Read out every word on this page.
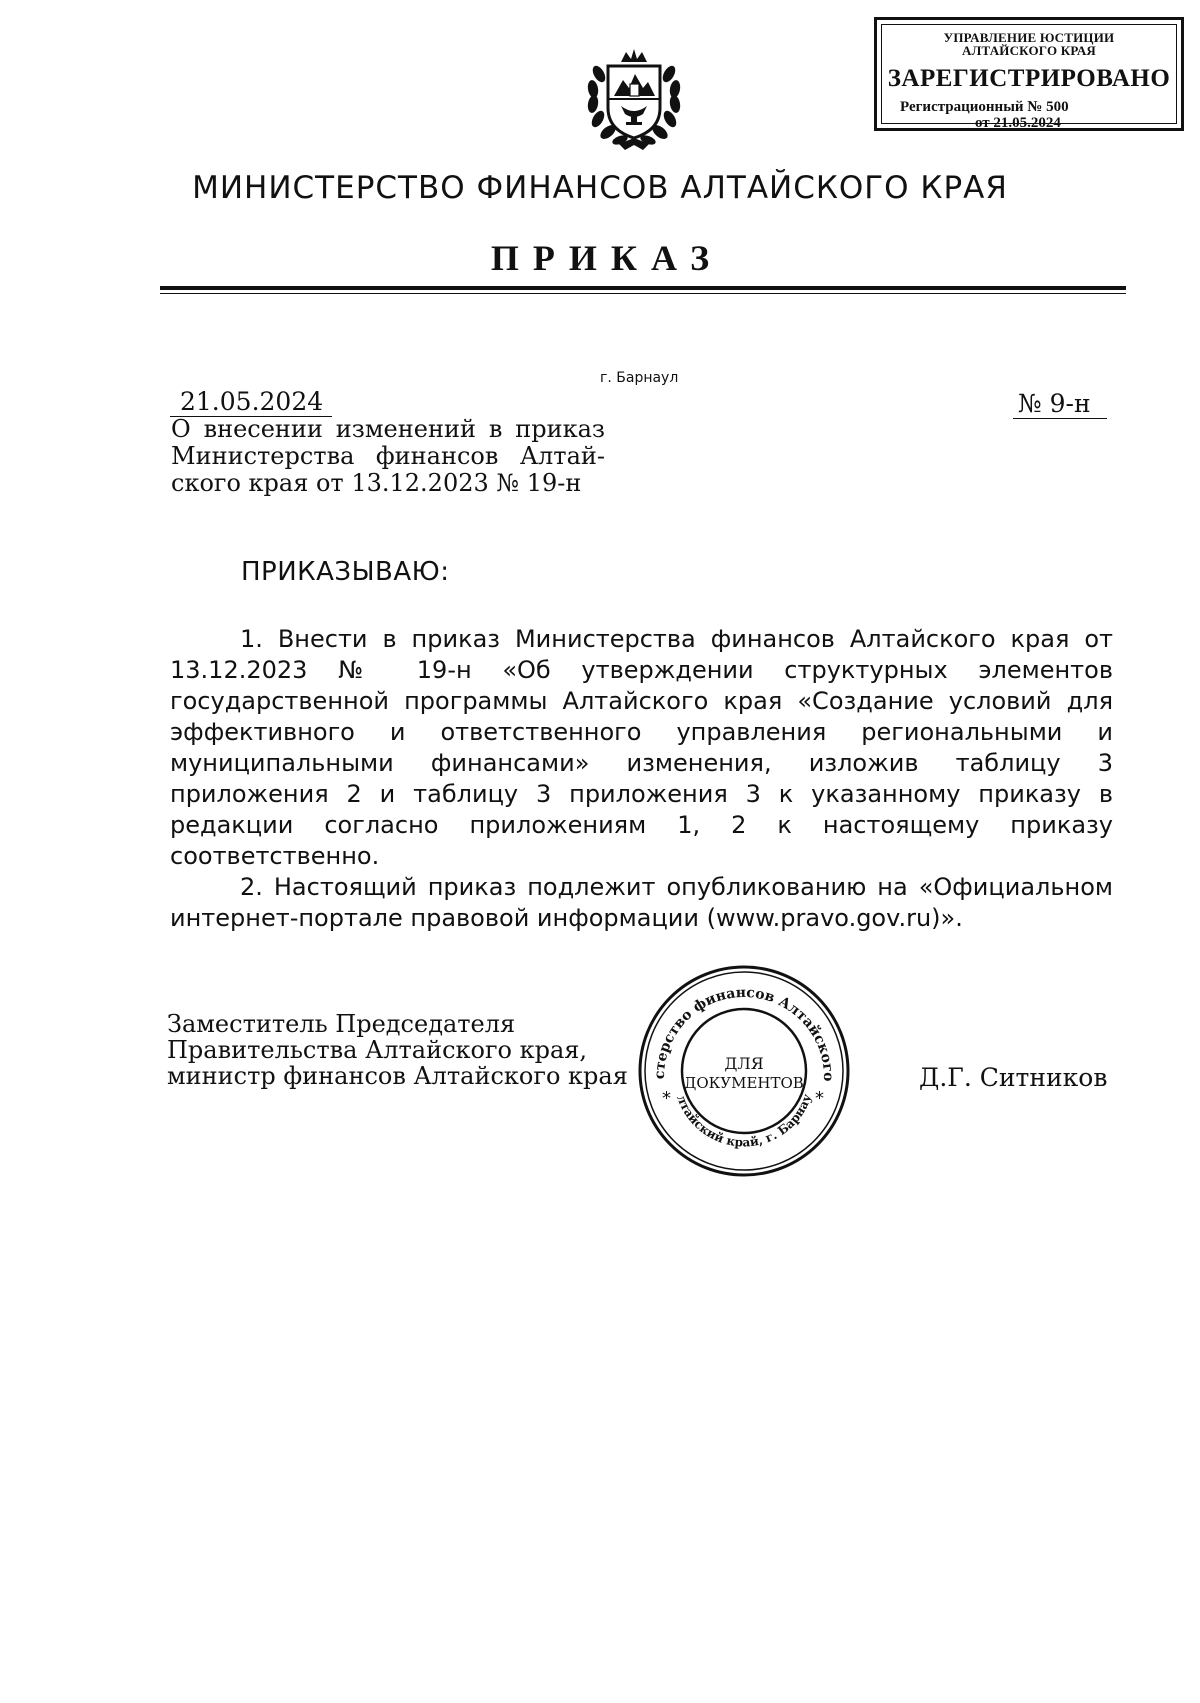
УПРАВЛЕНИЕ ЮСТИЦИИ
АЛТАЙСКОГО КРАЯ
ЗАРЕГИСТРИРОВАНО
Регистрационный № 500
от 21.05.2024
МИНИСТЕРСТВО ФИНАНСОВ АЛТАЙСКОГО КРАЯ
ПРИКАЗ
г. Барнаул
21.05.2024	№ 9-н
О внесении изменений в приказ
Министерства финансов Алтай-
ского края от 13.12.2023 № 19-н
ПРИКАЗЫВАЮ:

1. Внести в приказ Министерства финансов Алтайского края от 13.12.2023 № 19-н «Об утверждении структурных элементов государственной программы Алтайского края «Создание условий для эффективного и ответственного управления региональными и муниципальными финансами» изменения, изложив таблицу 3 приложения 2 и таблицу 3 приложения 3 к указанному приказу в редакции согласно приложениям 1, 2 к настоящему приказу соответственно.

2. Настоящий приказ подлежит опубликованию на «Официальном интернет-портале правовой информации (www.pravo.gov.ru)».

Заместитель Председателя
Правительства Алтайского края,
министр финансов Алтайского края	Д.Г. Ситников
стерство финансов Алтайского
лтайский край, г. Барнау
*	*
ДЛЯ
ДОКУМЕНТОВ
